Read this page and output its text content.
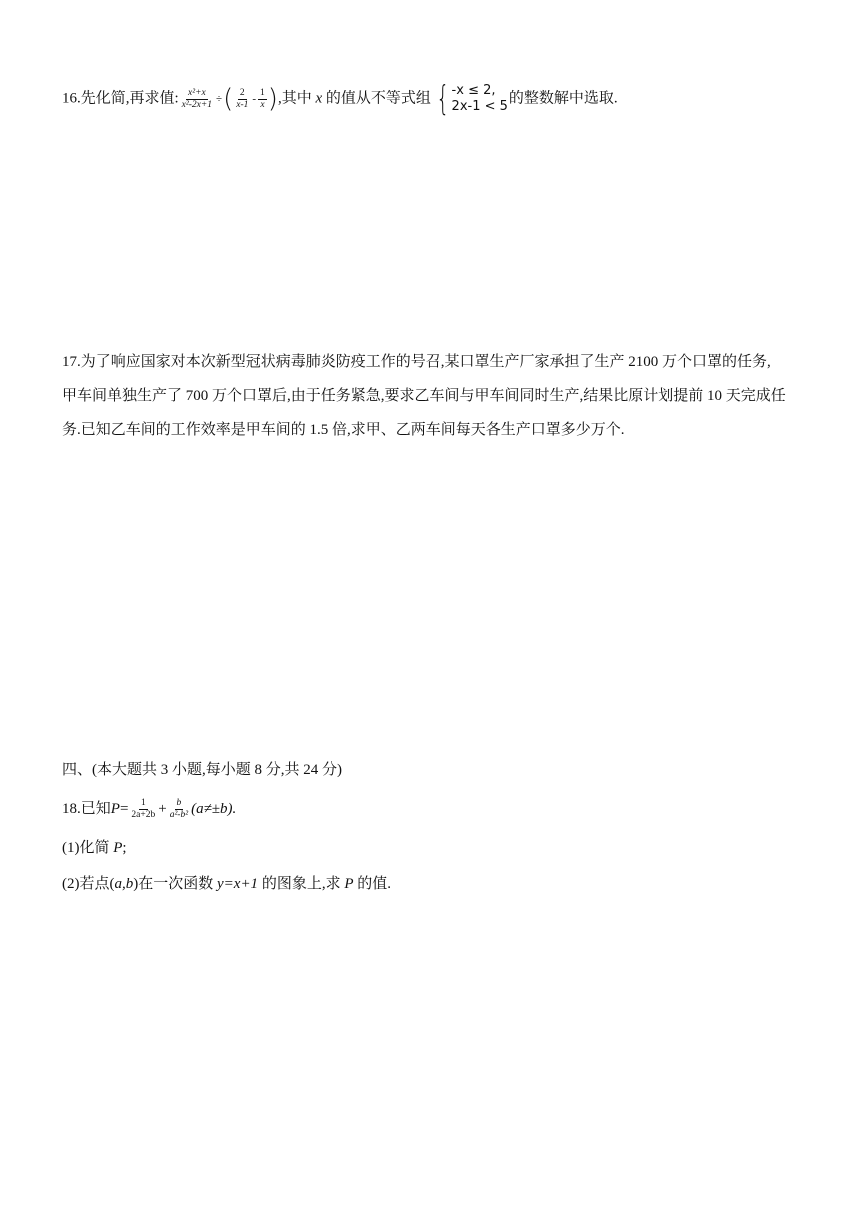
16.先化简,再求值: $\frac{\text{x²+x}}{\text{x²-2x+1}}$ ÷( $\frac{2}{x-1} - \frac{1}{x}$ ),其中 x 的值从不等式组 { -x ≤ 2,
2x-1 < 5
的整数解中选取.
17.为了响应国家对本次新型冠状病毒肺炎防疫工作的号召,某口罩生产厂家承担了生产 2100 万个口罩的任务,
甲车间单独生产了 700 万个口罩后,由于任务紧急,要求乙车间与甲车间同时生产,结果比原计划提前 10 天完成任
务.已知乙车间的工作效率是甲车间的 1.5 倍,求甲、乙两车间每天各生产口罩多少万个.
四、(本大题共 3 小题,每小题 8 分,共 24 分)
18.已知$P= \frac{1}{2a+2b} + \frac{b}{\text{a²-b²}} (a\ne\pm b)$.
(1)化简 P;
(2)若点(a,b)在一次函数 y=x+1 的图象上,求 P 的值.
